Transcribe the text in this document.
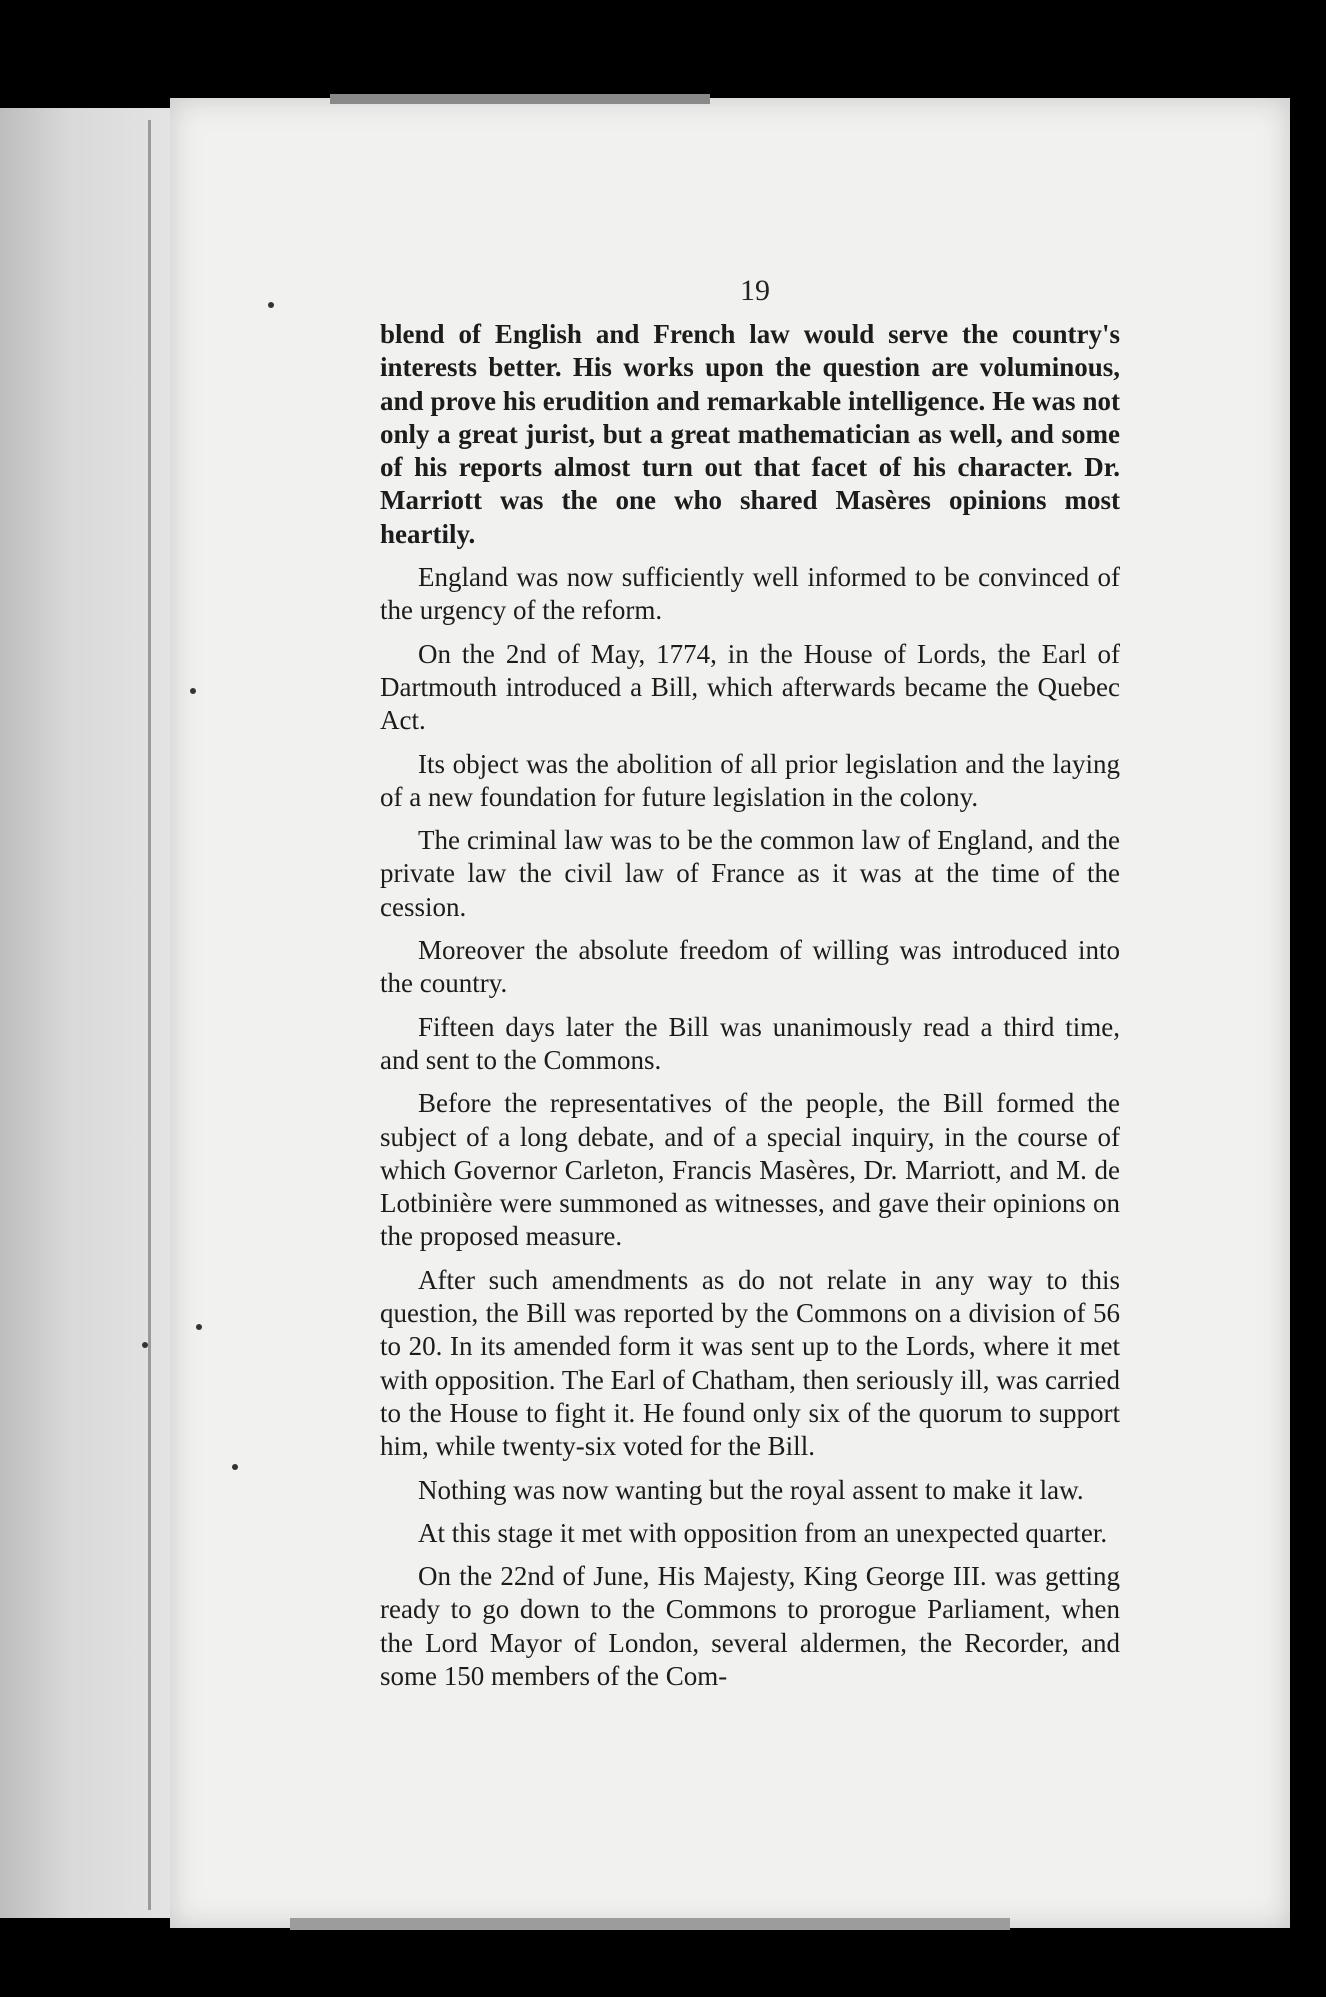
19

blend of English and French law would serve the country's interests better. His works upon the question are voluminous, and prove his erudition and remarkable intelligence. He was not only a great jurist, but a great mathematician as well, and some of his reports almost turn out that facet of his character. Dr. Marriott was the one who shared Masères opinions most heartily.

England was now sufficiently well informed to be convinced of the urgency of the reform.

On the 2nd of May, 1774, in the House of Lords, the Earl of Dartmouth introduced a Bill, which afterwards became the Quebec Act.

Its object was the abolition of all prior legislation and the laying of a new foundation for future legislation in the colony.

The criminal law was to be the common law of England, and the private law the civil law of France as it was at the time of the cession.

Moreover the absolute freedom of willing was introduced into the country.

Fifteen days later the Bill was unanimously read a third time, and sent to the Commons.

Before the representatives of the people, the Bill formed the subject of a long debate, and of a special inquiry, in the course of which Governor Carleton, Francis Masères, Dr. Marriott, and M. de Lotbinière were summoned as witnesses, and gave their opinions on the proposed measure.

After such amendments as do not relate in any way to this question, the Bill was reported by the Commons on a division of 56 to 20. In its amended form it was sent up to the Lords, where it met with opposition. The Earl of Chatham, then seriously ill, was carried to the House to fight it. He found only six of the quorum to support him, while twenty-six voted for the Bill.

Nothing was now wanting but the royal assent to make it law.

At this stage it met with opposition from an unexpected quarter.

On the 22nd of June, His Majesty, King George III. was getting ready to go down to the Commons to prorogue Parliament, when the Lord Mayor of London, several aldermen, the Recorder, and some 150 members of the Com-
